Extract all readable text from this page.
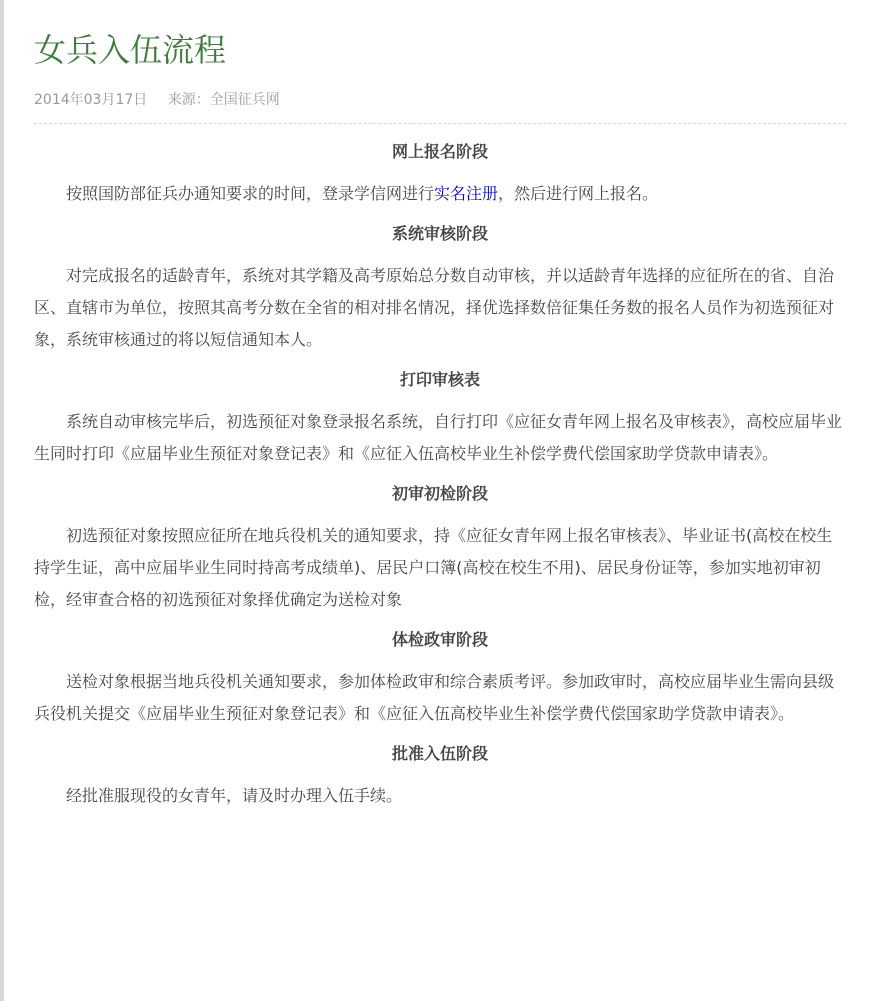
女兵入伍流程
2014年03月17日 来源：全国征兵网
网上报名阶段

按照国防部征兵办通知要求的时间，登录学信网进行实名注册，然后进行网上报名。

系统审核阶段

对完成报名的适龄青年，系统对其学籍及高考原始总分数自动审核，并以适龄青年选择的应征所在的省、自治区、直辖市为单位，按照其高考分数在全省的相对排名情况，择优选择数倍征集任务数的报名人员作为初选预征对象，系统审核通过的将以短信通知本人。

打印审核表

系统自动审核完毕后，初选预征对象登录报名系统，自行打印《应征女青年网上报名及审核表》，高校应届毕业生同时打印《应届毕业生预征对象登记表》和《应征入伍高校毕业生补偿学费代偿国家助学贷款申请表》。

初审初检阶段

初选预征对象按照应征所在地兵役机关的通知要求，持《应征女青年网上报名审核表》、毕业证书(高校在校生持学生证，高中应届毕业生同时持高考成绩单)、居民户口簿(高校在校生不用)、居民身份证等，参加实地初审初检，经审查合格的初选预征对象择优确定为送检对象

体检政审阶段

送检对象根据当地兵役机关通知要求，参加体检政审和综合素质考评。参加政审时，高校应届毕业生需向县级兵役机关提交《应届毕业生预征对象登记表》和《应征入伍高校毕业生补偿学费代偿国家助学贷款申请表》。

批准入伍阶段

经批准服现役的女青年，请及时办理入伍手续。
